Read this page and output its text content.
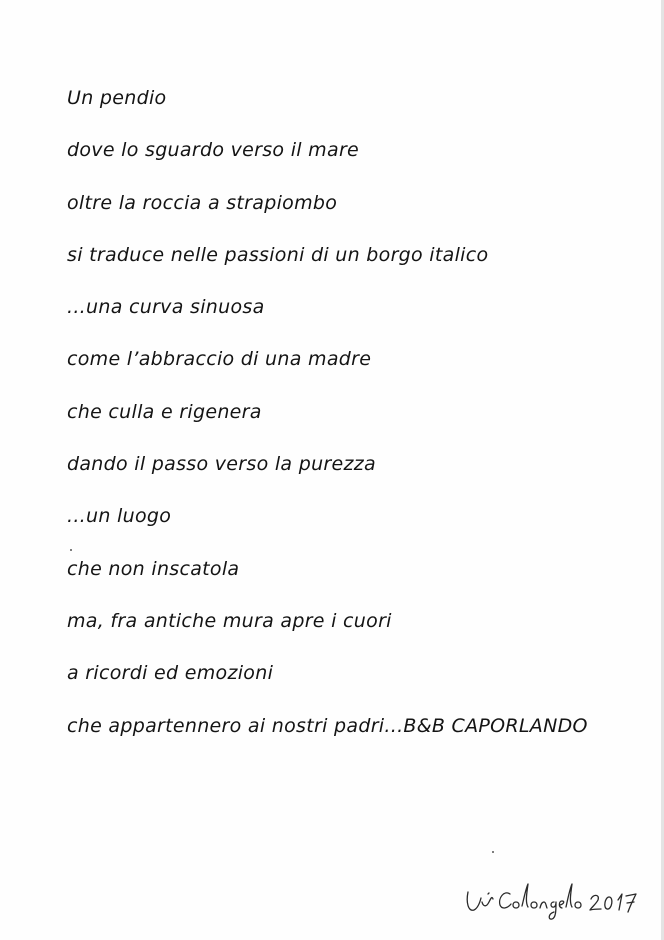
Un pendio
dove lo sguardo verso il mare
oltre la roccia a strapiombo
si traduce nelle passioni di un borgo italico
...una curva sinuosa
come l’abbraccio di una madre
che culla e rigenera
dando il passo verso la purezza
...un luogo
che non inscatola
ma, fra antiche mura apre i cuori
a ricordi ed emozioni
che appartennero ai nostri padri...B&B CAPORLANDO
